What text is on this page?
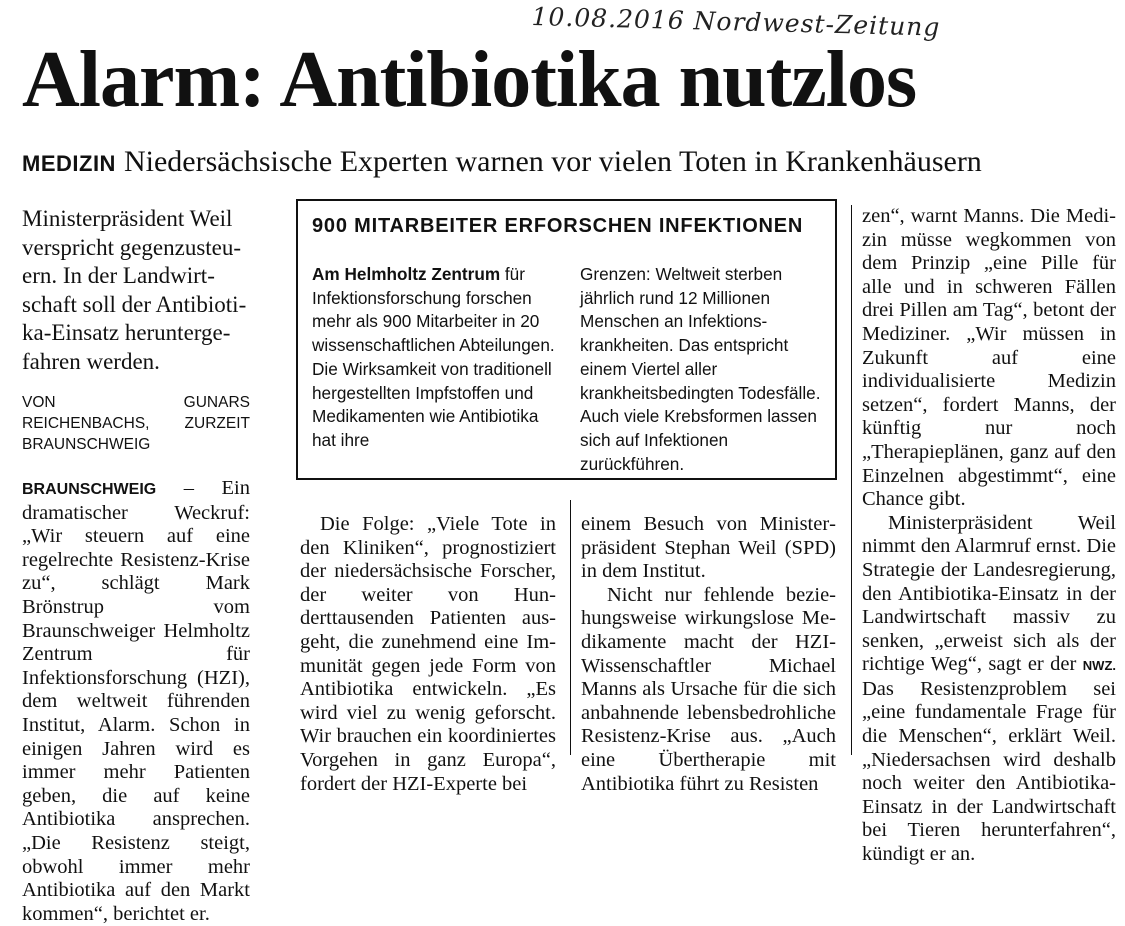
10.08.2016 Nordwest-Zeitung
Alarm: Antibiotika nutzlos
MEDIZIN Niedersächsische Experten warnen vor vielen Toten in Krankenhäusern

Ministerpräsident Weil verspricht gegenzusteuern. In der Landwirtschaft soll der Antibiotika-Einsatz heruntergefahren werden.

VON GUNARS REICHENBACHS, ZURZEIT BRAUNSCHWEIG

BRAUNSCHWEIG – Ein dramatischer Weckruf: „Wir steuern auf eine regelrechte Resistenz-Krise zu“, schlägt Mark Brönstrup vom Braunschweiger Helmholtz Zentrum für Infektionsforschung (HZI), dem weltweit führenden Institut, Alarm. Schon in einigen Jahren wird es immer mehr Patienten geben, die auf keine Antibiotika ansprechen. „Die Resistenz steigt, obwohl immer mehr Antibiotika auf den Markt kommen“, berichtet er.

900 MITARBEITER ERFORSCHEN INFEKTIONEN
Am Helmholtz Zentrum für Infektionsforschung forschen mehr als 900 Mitarbeiter in 20 wissenschaftlichen Abteilungen. Die Wirksamkeit von traditionell hergestellten Impfstoffen und Medikamenten wie Antibiotika hat ihre
Grenzen: Weltweit sterben jährlich rund 12 Millionen Menschen an Infektionskrankheiten. Das entspricht einem Viertel aller krankheitsbedingten Todesfälle. Auch viele Krebsformen lassen sich auf Infektionen zurückführen.

Die Folge: „Viele Tote in den Kliniken“, prognostiziert der niedersächsische Forscher, der weiter von Hunderttausenden Patienten ausgeht, die zunehmend eine Immunität gegen jede Form von Antibiotika entwickeln. „Es wird viel zu wenig geforscht. Wir brauchen ein koordiniertes Vorgehen in ganz Europa“, fordert der HZI-Experte bei

einem Besuch von Ministerpräsident Stephan Weil (SPD) in dem Institut.

Nicht nur fehlende beziehungsweise wirkungslose Medikamente macht der HZI-Wissenschaftler Michael Manns als Ursache für die sich anbahnende lebensbedrohliche Resistenz-Krise aus. „Auch eine Übertherapie mit Antibiotika führt zu Resisten

zen“, warnt Manns. Die Medizin müsse wegkommen von dem Prinzip „eine Pille für alle und in schweren Fällen drei Pillen am Tag“, betont der Mediziner. „Wir müssen in Zukunft auf eine individualisierte Medizin setzen“, fordert Manns, der künftig nur noch „Therapieplänen, ganz auf den Einzelnen abgestimmt“, eine Chance gibt.

Ministerpräsident Weil nimmt den Alarmruf ernst. Die Strategie der Landesregierung, den Antibiotika-Einsatz in der Landwirtschaft massiv zu senken, „erweist sich als der richtige Weg“, sagt er der NWZ. Das Resistenzproblem sei „eine fundamentale Frage für die Menschen“, erklärt Weil. „Niedersachsen wird deshalb noch weiter den Antibiotika-Einsatz in der Landwirtschaft bei Tieren herunterfahren“, kündigt er an.
